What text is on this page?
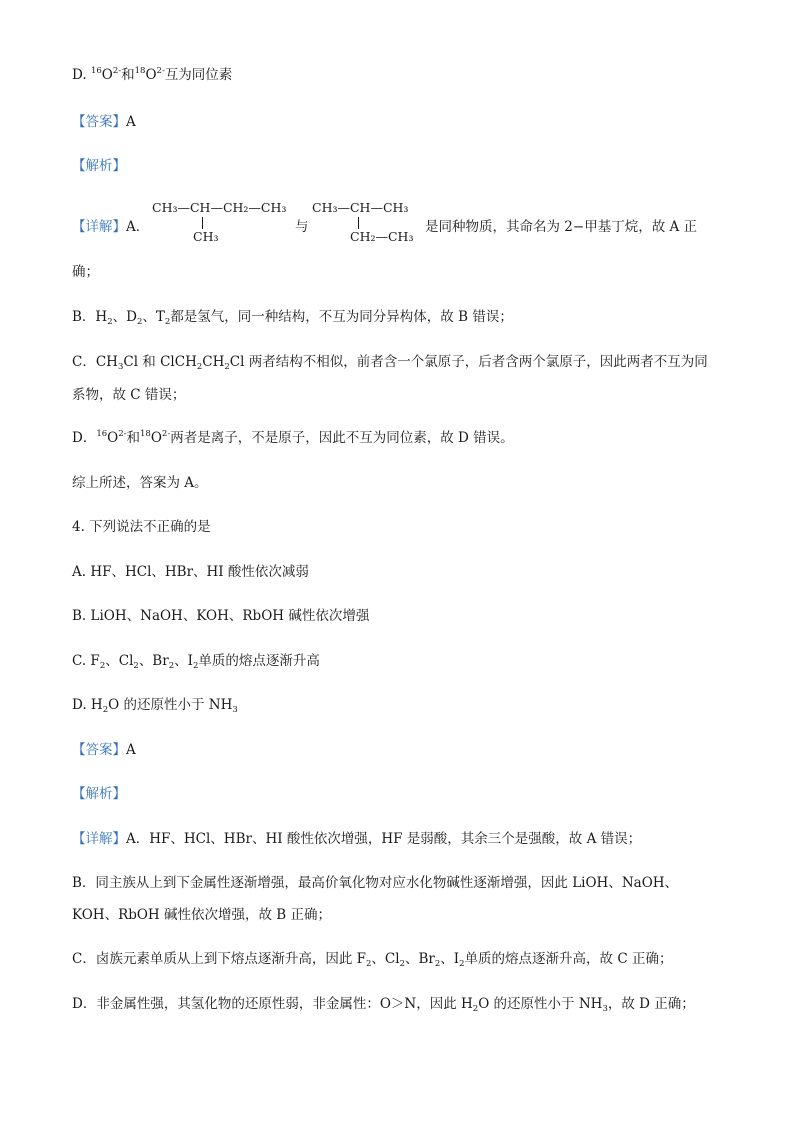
D. $^{16}O^{2-}$和$^{18}O^{2-}$互为同位素
【答案】A
【解析】
【详解】A．
CH₃—CH—CH₂—CH₃
CH₃
与
CH₃—CH—CH₃
CH₂—CH₃
是同种物质，其命名为 2−甲基丁烷，故 A 正
确；
B．$H_2$、$D_2$、$T_2$都是氢气，同一种结构，不互为同分异构体，故 B 错误；
C．$CH_3Cl$ 和 $ClCH_2CH_2Cl$ 两者结构不相似，前者含一个氯原子，后者含两个氯原子，因此两者不互为同
系物，故 C 错误；
D．$^{16}O^{2-}$和$^{18}O^{2-}$两者是离子，不是原子，因此不互为同位素，故 D 错误。
综上所述，答案为 A。
4. 下列说法不正确的是
A. HF、HCl、HBr、HI 酸性依次减弱
B. LiOH、NaOH、KOH、RbOH 碱性依次增强
C. $F_2$、$Cl_2$、$Br_2$、$I_2$单质的熔点逐渐升高
D. $H_2O$ 的还原性小于 $NH_3$
【答案】A
【解析】
【详解】A．HF、HCl、HBr、HI 酸性依次增强，HF 是弱酸，其余三个是强酸，故 A 错误；
B．同主族从上到下金属性逐渐增强，最高价氧化物对应水化物碱性逐渐增强，因此 LiOH、NaOH、
KOH、RbOH 碱性依次增强，故 B 正确；
C．卤族元素单质从上到下熔点逐渐升高，因此 $F_2$、$Cl_2$、$Br_2$、$I_2$单质的熔点逐渐升高，故 C 正确；
D．非金属性强，其氢化物的还原性弱，非金属性：O＞N，因此 $H_2O$ 的还原性小于 $NH_3$，故 D 正确；
